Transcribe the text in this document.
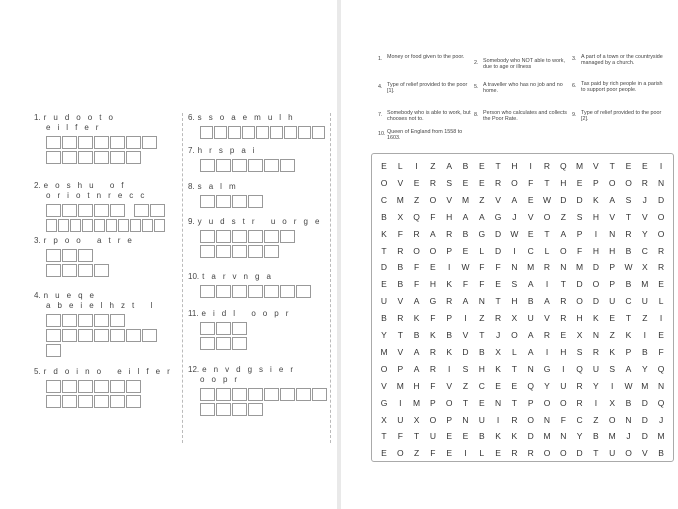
1. r u d o o t o
e i l f e r
2. e o s h u   o f
o r i o t n r e c c
3. r p o o   a t r e
4. n u e q e
a b e i e l h z t   l
5. r d o i n o   e i l f e r
6. s s o a e m u l h
7. h r s p a i
8. s a l m
9. y u d s t r   u o r g e
10. t a r v n g a
11. e i d l   o o p r
12. e n v d g s i e r
o o p r
1. Money or food given to the poor.
2. Somebody who NOT able to work, due to age or illness
3. A part of a town or the countryside managed by a church.
4. Type of relief provided to the poor [1].
5. A traveller who has no job and no home.
6. Tax paid by rich people in a parish to support poor people.
7. Somebody who is able to work, but chooses not to.
8. Person who calculates and collects the Poor Rate.
9. Type of relief provided to the poor [2].
10. Queen of England from 1558 to 1603.
E	L	I	Z	A	B	E	T	H	I	R	Q	M	V	T	E	E	I
O	V	E	R	S	E	E	R	O	F	T	H	E	P	O	O	R	N
C	M	Z	O	V	M	Z	V	A	E	W	D	D	K	A	S	J	D
B	X	Q	F	H	A	A	G	J	V	O	Z	S	H	V	T	V	O
K	F	R	A	R	B	G	D	W	E	T	A	P	I	N	R	Y	O
T	R	O	O	P	E	L	D	I	C	L	O	F	H	H	B	C	R
D	B	F	E	I	W	F	F	N	M	R	N	M	D	P	W	X	R
E	B	F	H	K	F	F	E	S	A	I	T	D	O	P	B	M	E
U	V	A	G	R	A	N	T	H	B	A	R	O	D	U	C	U	L
B	R	K	F	P	I	Z	R	X	U	V	R	H	K	E	T	Z	I
Y	T	B	K	B	V	T	J	O	A	R	E	X	N	Z	K	I	E
M	V	A	R	K	D	B	X	L	A	I	H	S	R	K	P	B	F
O	P	A	R	I	S	H	K	T	N	G	I	Q	U	S	A	Y	Q
V	M	H	F	V	Z	C	E	E	Q	Y	U	R	Y	I	W	M	N
G	I	M	P	O	T	E	N	T	P	O	O	R	I	X	B	D	Q
X	U	X	O	P	N	U	I	R	O	N	F	C	Z	O	N	D	J
T	F	T	U	E	E	B	K	K	D	M	N	Y	B	M	J	D	M
E	O	Z	F	E	I	L	E	R	R	O	O	D	T	U	O	V	B
